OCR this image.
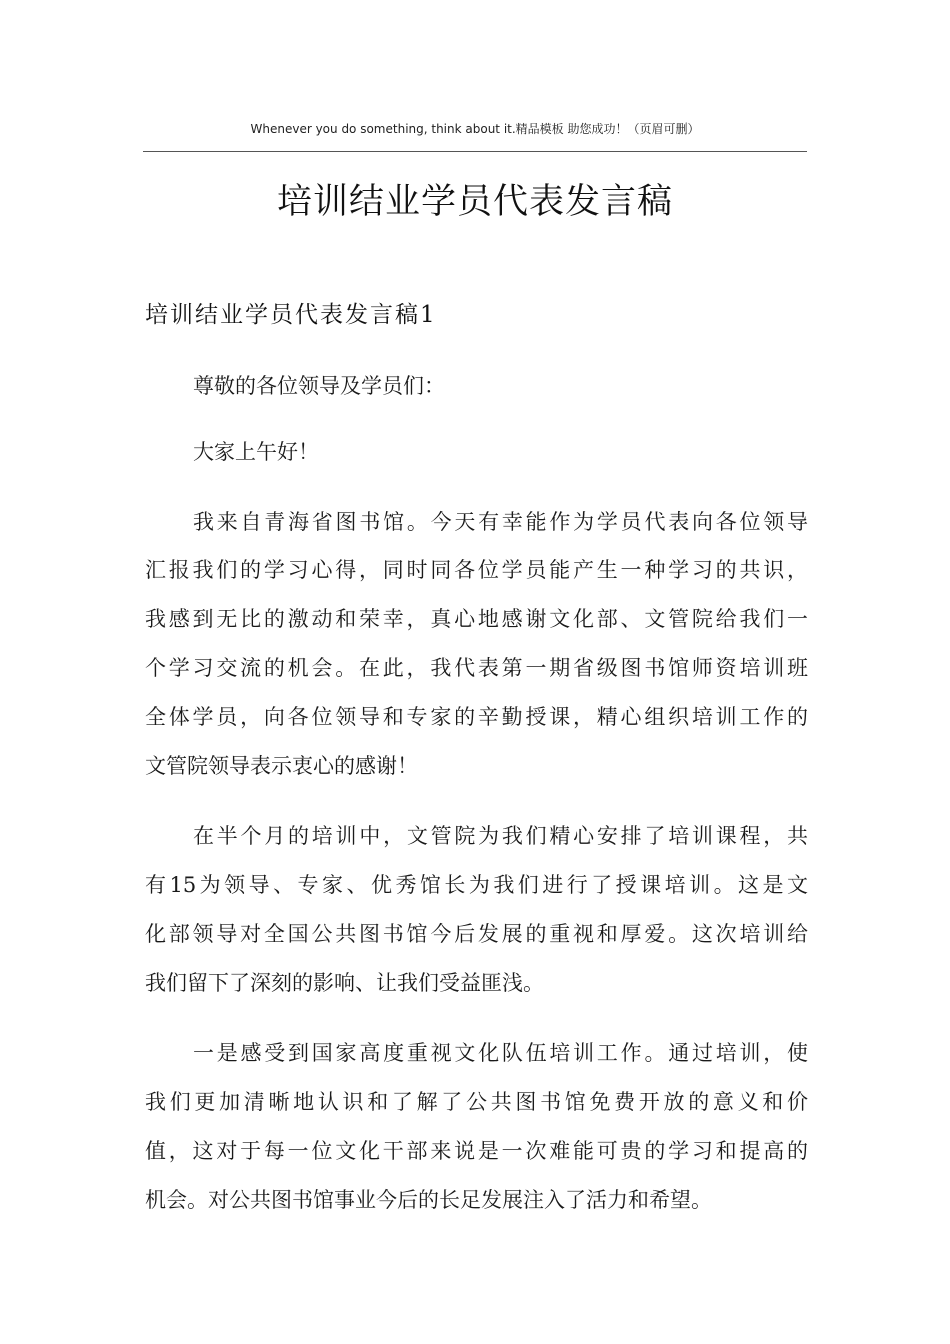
Whenever you do something, think about it.精品模板 助您成功！（页眉可删）
培训结业学员代表发言稿
培训结业学员代表发言稿1
尊敬的各位领导及学员们：
大家上午好！
我来自青海省图书馆。今天有幸能作为学员代表向各位领导
汇报我们的学习心得，同时同各位学员能产生一种学习的共识，
我感到无比的激动和荣幸，真心地感谢文化部、文管院给我们一
个学习交流的机会。在此，我代表第一期省级图书馆师资培训班
全体学员，向各位领导和专家的辛勤授课，精心组织培训工作的
文管院领导表示衷心的感谢！
在半个月的培训中，文管院为我们精心安排了培训课程，共
有15为领导、专家、优秀馆长为我们进行了授课培训。这是文
化部领导对全国公共图书馆今后发展的重视和厚爱。这次培训给
我们留下了深刻的影响、让我们受益匪浅。
一是感受到国家高度重视文化队伍培训工作。通过培训，使
我们更加清晰地认识和了解了公共图书馆免费开放的意义和价
值，这对于每一位文化干部来说是一次难能可贵的学习和提高的
机会。对公共图书馆事业今后的长足发展注入了活力和希望。
